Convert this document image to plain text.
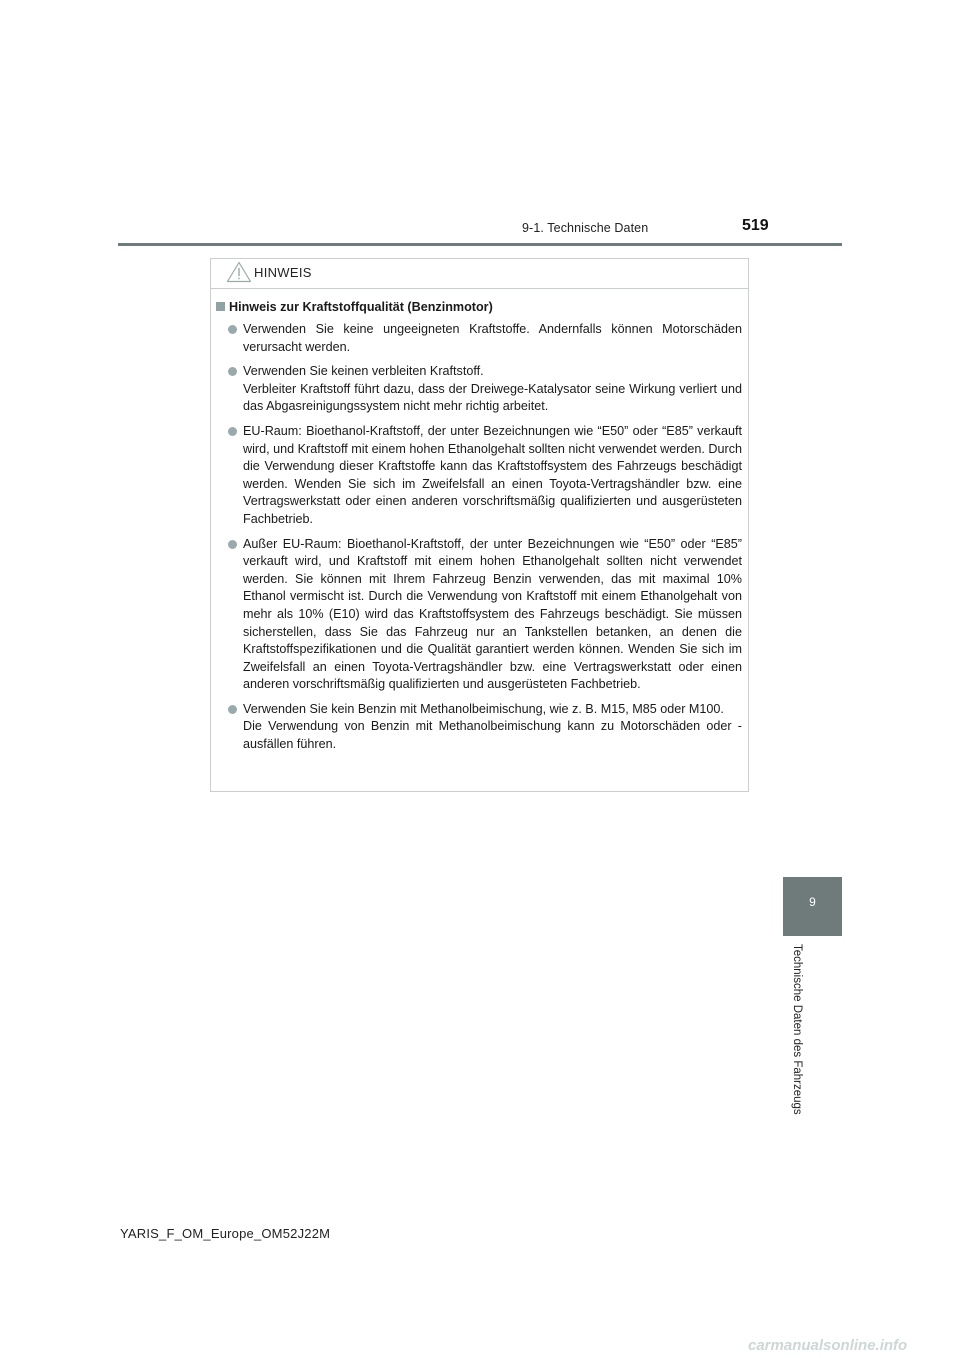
9-1. Technische Daten	519
9
Technische Daten des Fahrzeugs
HINWEIS
Hinweis zur Kraftstoffqualität (Benzinmotor)

Verwenden Sie keine ungeeigneten Kraftstoffe. Andernfalls können Motorschäden verursacht werden.

Verwenden Sie keinen verbleiten Kraftstoff.

Verbleiter Kraftstoff führt dazu, dass der Dreiwege-Katalysator seine Wirkung verliert und das Abgasreinigungssystem nicht mehr richtig arbeitet.

EU-Raum: Bioethanol-Kraftstoff, der unter Bezeichnungen wie “E50” oder “E85” verkauft wird, und Kraftstoff mit einem hohen Ethanolgehalt sollten nicht verwendet werden. Durch die Verwendung dieser Kraftstoffe kann das Kraftstoffsystem des Fahrzeugs beschädigt werden. Wenden Sie sich im Zweifelsfall an einen Toyota-Vertragshändler bzw. eine Vertragswerkstatt oder einen anderen vorschriftsmäßig qualifizierten und ausgerüsteten Fachbetrieb.

Außer EU-Raum: Bioethanol-Kraftstoff, der unter Bezeichnungen wie “E50” oder “E85” verkauft wird, und Kraftstoff mit einem hohen Ethanolgehalt sollten nicht verwendet werden. Sie können mit Ihrem Fahrzeug Benzin verwenden, das mit maximal 10% Ethanol vermischt ist. Durch die Verwendung von Kraftstoff mit einem Ethanolgehalt von mehr als 10% (E10) wird das Kraftstoffsystem des Fahrzeugs beschädigt. Sie müssen sicherstellen, dass Sie das Fahrzeug nur an Tankstellen betanken, an denen die Kraftstoffspezifikationen und die Qualität garantiert werden können. Wenden Sie sich im Zweifelsfall an einen Toyota-Vertragshändler bzw. eine Vertragswerkstatt oder einen anderen vorschriftsmäßig qualifizierten und ausgerüsteten Fachbetrieb.

Verwenden Sie kein Benzin mit Methanolbeimischung, wie z. B. M15, M85 oder M100.

Die Verwendung von Benzin mit Methanolbeimischung kann zu Motorschäden oder -ausfällen führen.

YARIS_F_OM_Europe_OM52J22M
carmanualsonline.info
